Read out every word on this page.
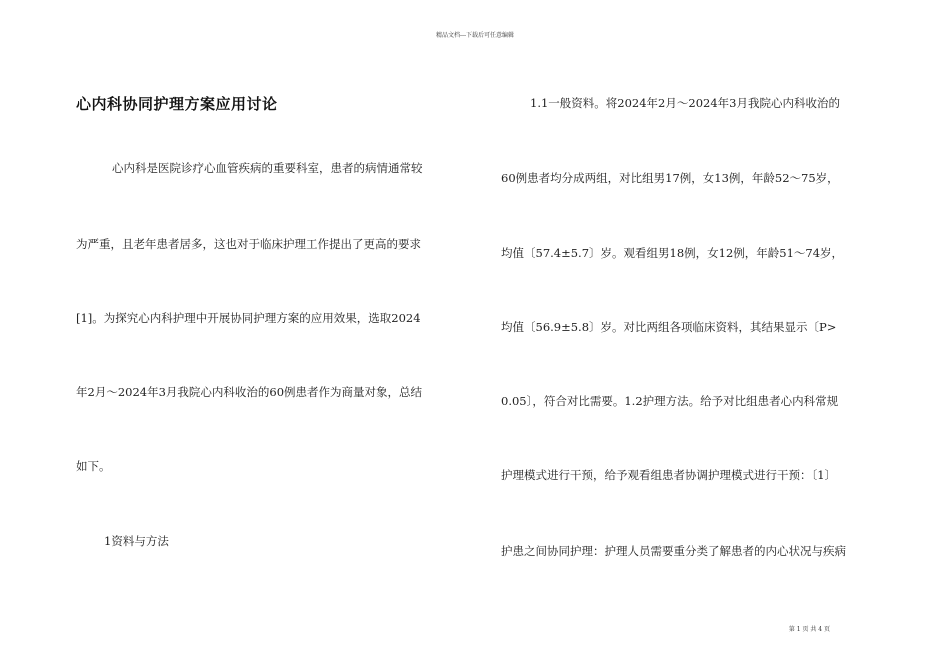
精品文档---下载后可任意编辑
心内科协同护理方案应用讨论
心内科是医院诊疗心血管疾病的重要科室，患者的病情通常较
为严重，且老年患者居多，这也对于临床护理工作提出了更高的要求
[1]。为探究心内科护理中开展协同护理方案的应用效果，选取2024
年2月～2024年3月我院心内科收治的60例患者作为商量对象，总结
如下。
1资料与方法
1.1一般资料。将2024年2月～2024年3月我院心内科收治的
60例患者均分成两组，对比组男17例，女13例，年龄52～75岁，
均值〔57.4±5.7〕岁。观看组男18例，女12例，年龄51～74岁，
均值〔56.9±5.8〕岁。对比两组各项临床资料，其结果显示〔P>
0.05〕，符合对比需要。1.2护理方法。给予对比组患者心内科常规
护理模式进行干预，给予观看组患者协调护理模式进行干预：〔1〕
护患之间协同护理：护理人员需要重分类了解患者的内心状况与疾病
第 1 页 共 4 页
